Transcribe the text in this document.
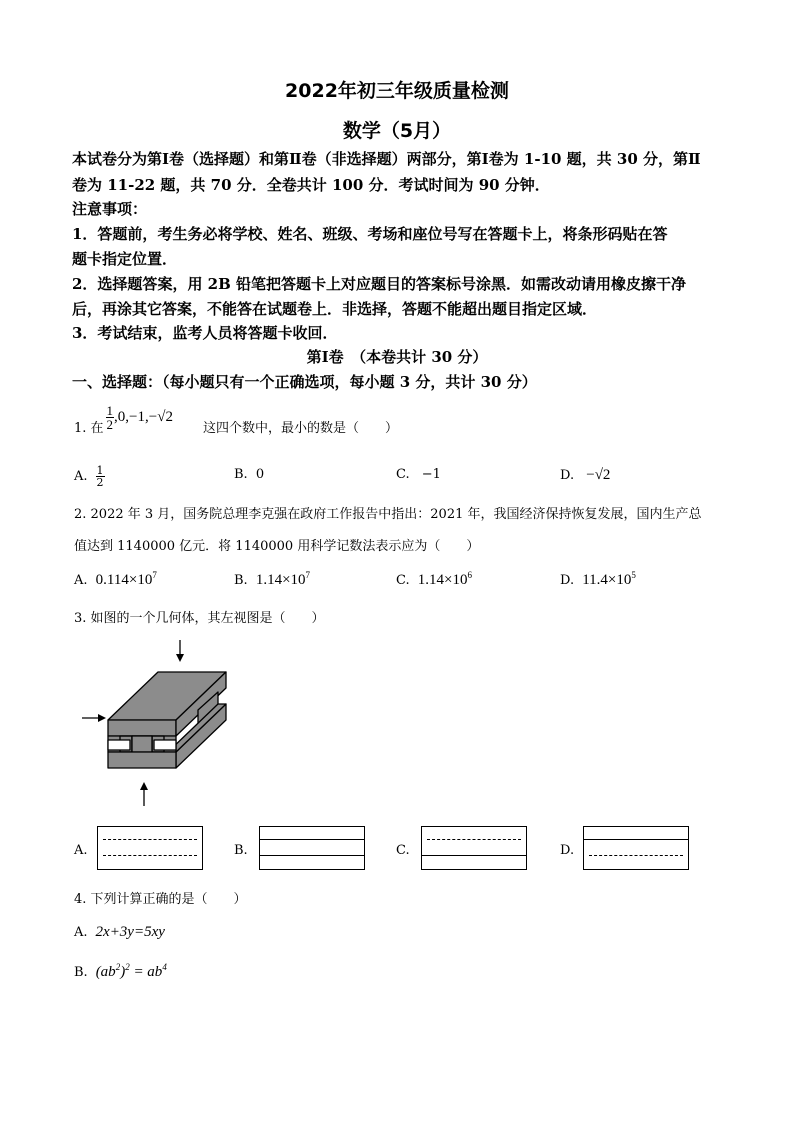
2022年初三年级质量检测
数学（5月）
本试卷分为第Ⅰ卷（选择题）和第Ⅱ卷（非选择题）两部分，第Ⅰ卷为 1-10 题，共 30 分，第Ⅱ
卷为 11-22 题，共 70 分．全卷共计 100 分．考试时间为 90 分钟．
注意事项：
1．答题前，考生务必将学校、姓名、班级、考场和座位号写在答题卡上，将条形码贴在答
题卡指定位置．
2．选择题答案，用 2B 铅笔把答题卡上对应题目的答案标号涂黑．如需改动请用橡皮擦干净
后，再涂其它答案，不能答在试题卷上．非选择，答题不能超出题目指定区域．
3．考试结束，监考人员将答题卡收回．
第Ⅰ卷　（本卷共计 30 分）
一、选择题：（每小题只有一个正确选项，每小题 3 分，共计 30 分）
1. 在 $\frac{1}{2} ,0,-1,-√2$
这四个数中，最小的数是（　　）
A. $\frac{1}{2}$	B. 0	C. −1	D. −√2
2. 2022 年 3 月，国务院总理李克强在政府工作报告中指出：2021 年，我国经济保持恢复发展，国内生产总
值达到 1140000 亿元．将 1140000 用科学记数法表示应为（　　）
A. $0.114\times 10^7$	B. $1.14\times 10^7$	C. $1.14\times 10^6$	D. $11.4\times 10^5$
3. 如图的一个几何体，其左视图是（　　）
A.	B.	C.	D.
4. 下列计算正确的是（　　）
A. 2x+3y=5xy
B. $(ab^2)^2 = ab^4$
